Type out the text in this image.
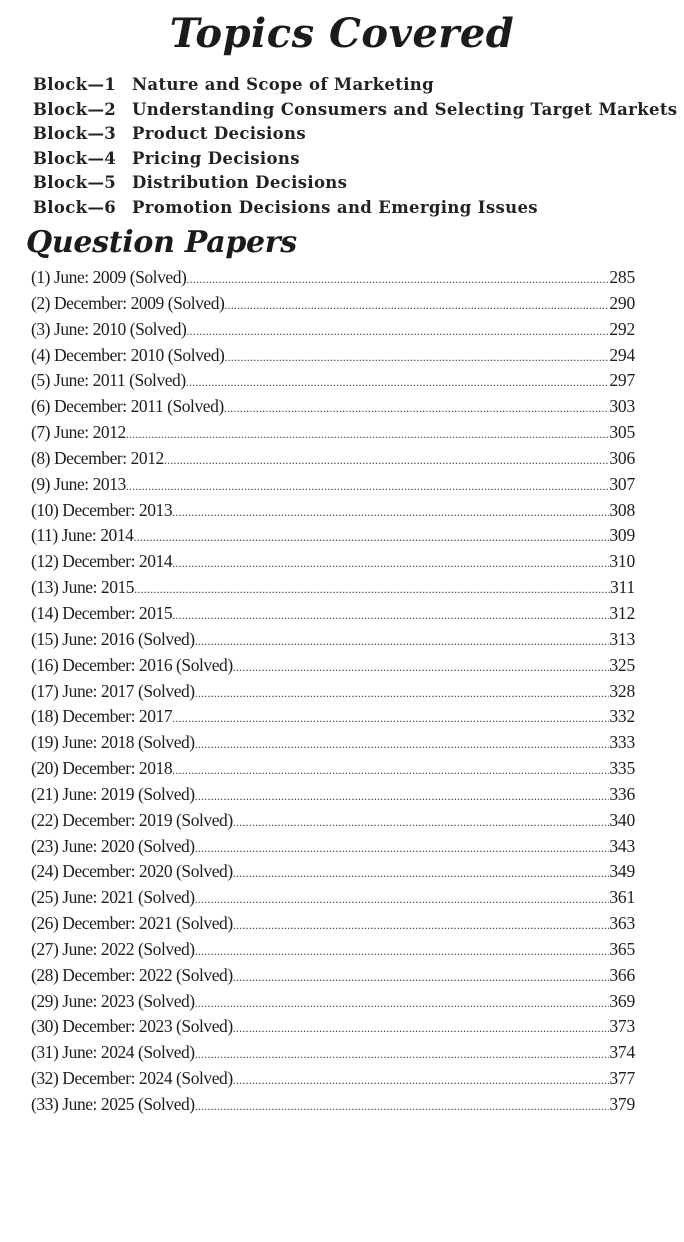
Topics Covered
Block—1 Nature and Scope of Marketing
Block—2 Understanding Consumers and Selecting Target Markets
Block—3 Product Decisions
Block—4 Pricing Decisions
Block—5 Distribution Decisions
Block—6 Promotion Decisions and Emerging Issues
Question Papers
(1) June: 2009 (Solved) .....	285
(2) December: 2009 (Solved) .....	290
(3) June: 2010 (Solved) .....	292
(4) December: 2010 (Solved) .....	294
(5) June: 2011 (Solved) .....	297
(6) December: 2011 (Solved) .....	303
(7) June: 2012 .....	305
(8) December: 2012 .....	306
(9) June: 2013 .....	307
(10) December: 2013 .....	308
(11) June: 2014 .....	309
(12) December: 2014 .....	310
(13) June: 2015 .....	311
(14) December: 2015 .....	312
(15) June: 2016 (Solved) .....	313
(16) December: 2016 (Solved) .....	325
(17) June: 2017 (Solved) .....	328
(18) December: 2017 .....	332
(19) June: 2018 (Solved) .....	333
(20) December: 2018 .....	335
(21) June: 2019 (Solved) .....	336
(22) December: 2019 (Solved) .....	340
(23) June: 2020 (Solved) .....	343
(24) December: 2020 (Solved) .....	349
(25) June: 2021 (Solved) .....	361
(26) December: 2021 (Solved) .....	363
(27) June: 2022 (Solved) .....	365
(28) December: 2022 (Solved) .....	366
(29) June: 2023 (Solved) .....	369
(30) December: 2023 (Solved) .....	373
(31) June: 2024 (Solved) .....	374
(32) December: 2024 (Solved) .....	377
(33) June: 2025 (Solved) .....	379
